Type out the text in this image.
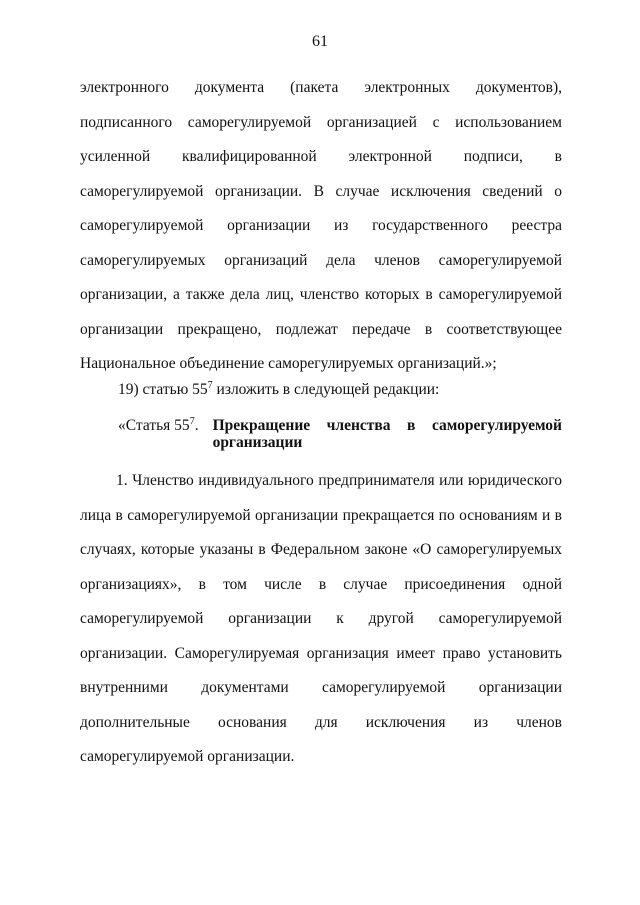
61

электронного документа (пакета электронных документов), подписанного саморегулируемой организацией с использованием усиленной квалифицированной электронной подписи, в саморегулируемой организации. В случае исключения сведений о саморегулируемой организации из государственного реестра саморегулируемых организаций дела членов саморегулируемой организации, а также дела лиц, членство которых в саморегулируемой организации прекращено, подлежат передаче в соответствующее Национальное объединение саморегулируемых организаций.»;

19) статью $55^7$ изложить в следующей редакции:
«Статья $55^7$. Прекращение членства в саморегулируемой
организации

1. Членство индивидуального предпринимателя или юридического лица в саморегулируемой организации прекращается по основаниям и в случаях, которые указаны в Федеральном законе «О саморегулируемых организациях», в том числе в случае присоединения одной саморегулируемой организации к другой саморегулируемой организации. Саморегулируемая организация имеет право установить внутренними документами саморегулируемой организации дополнительные основания для исключения из членов саморегулируемой организации.
